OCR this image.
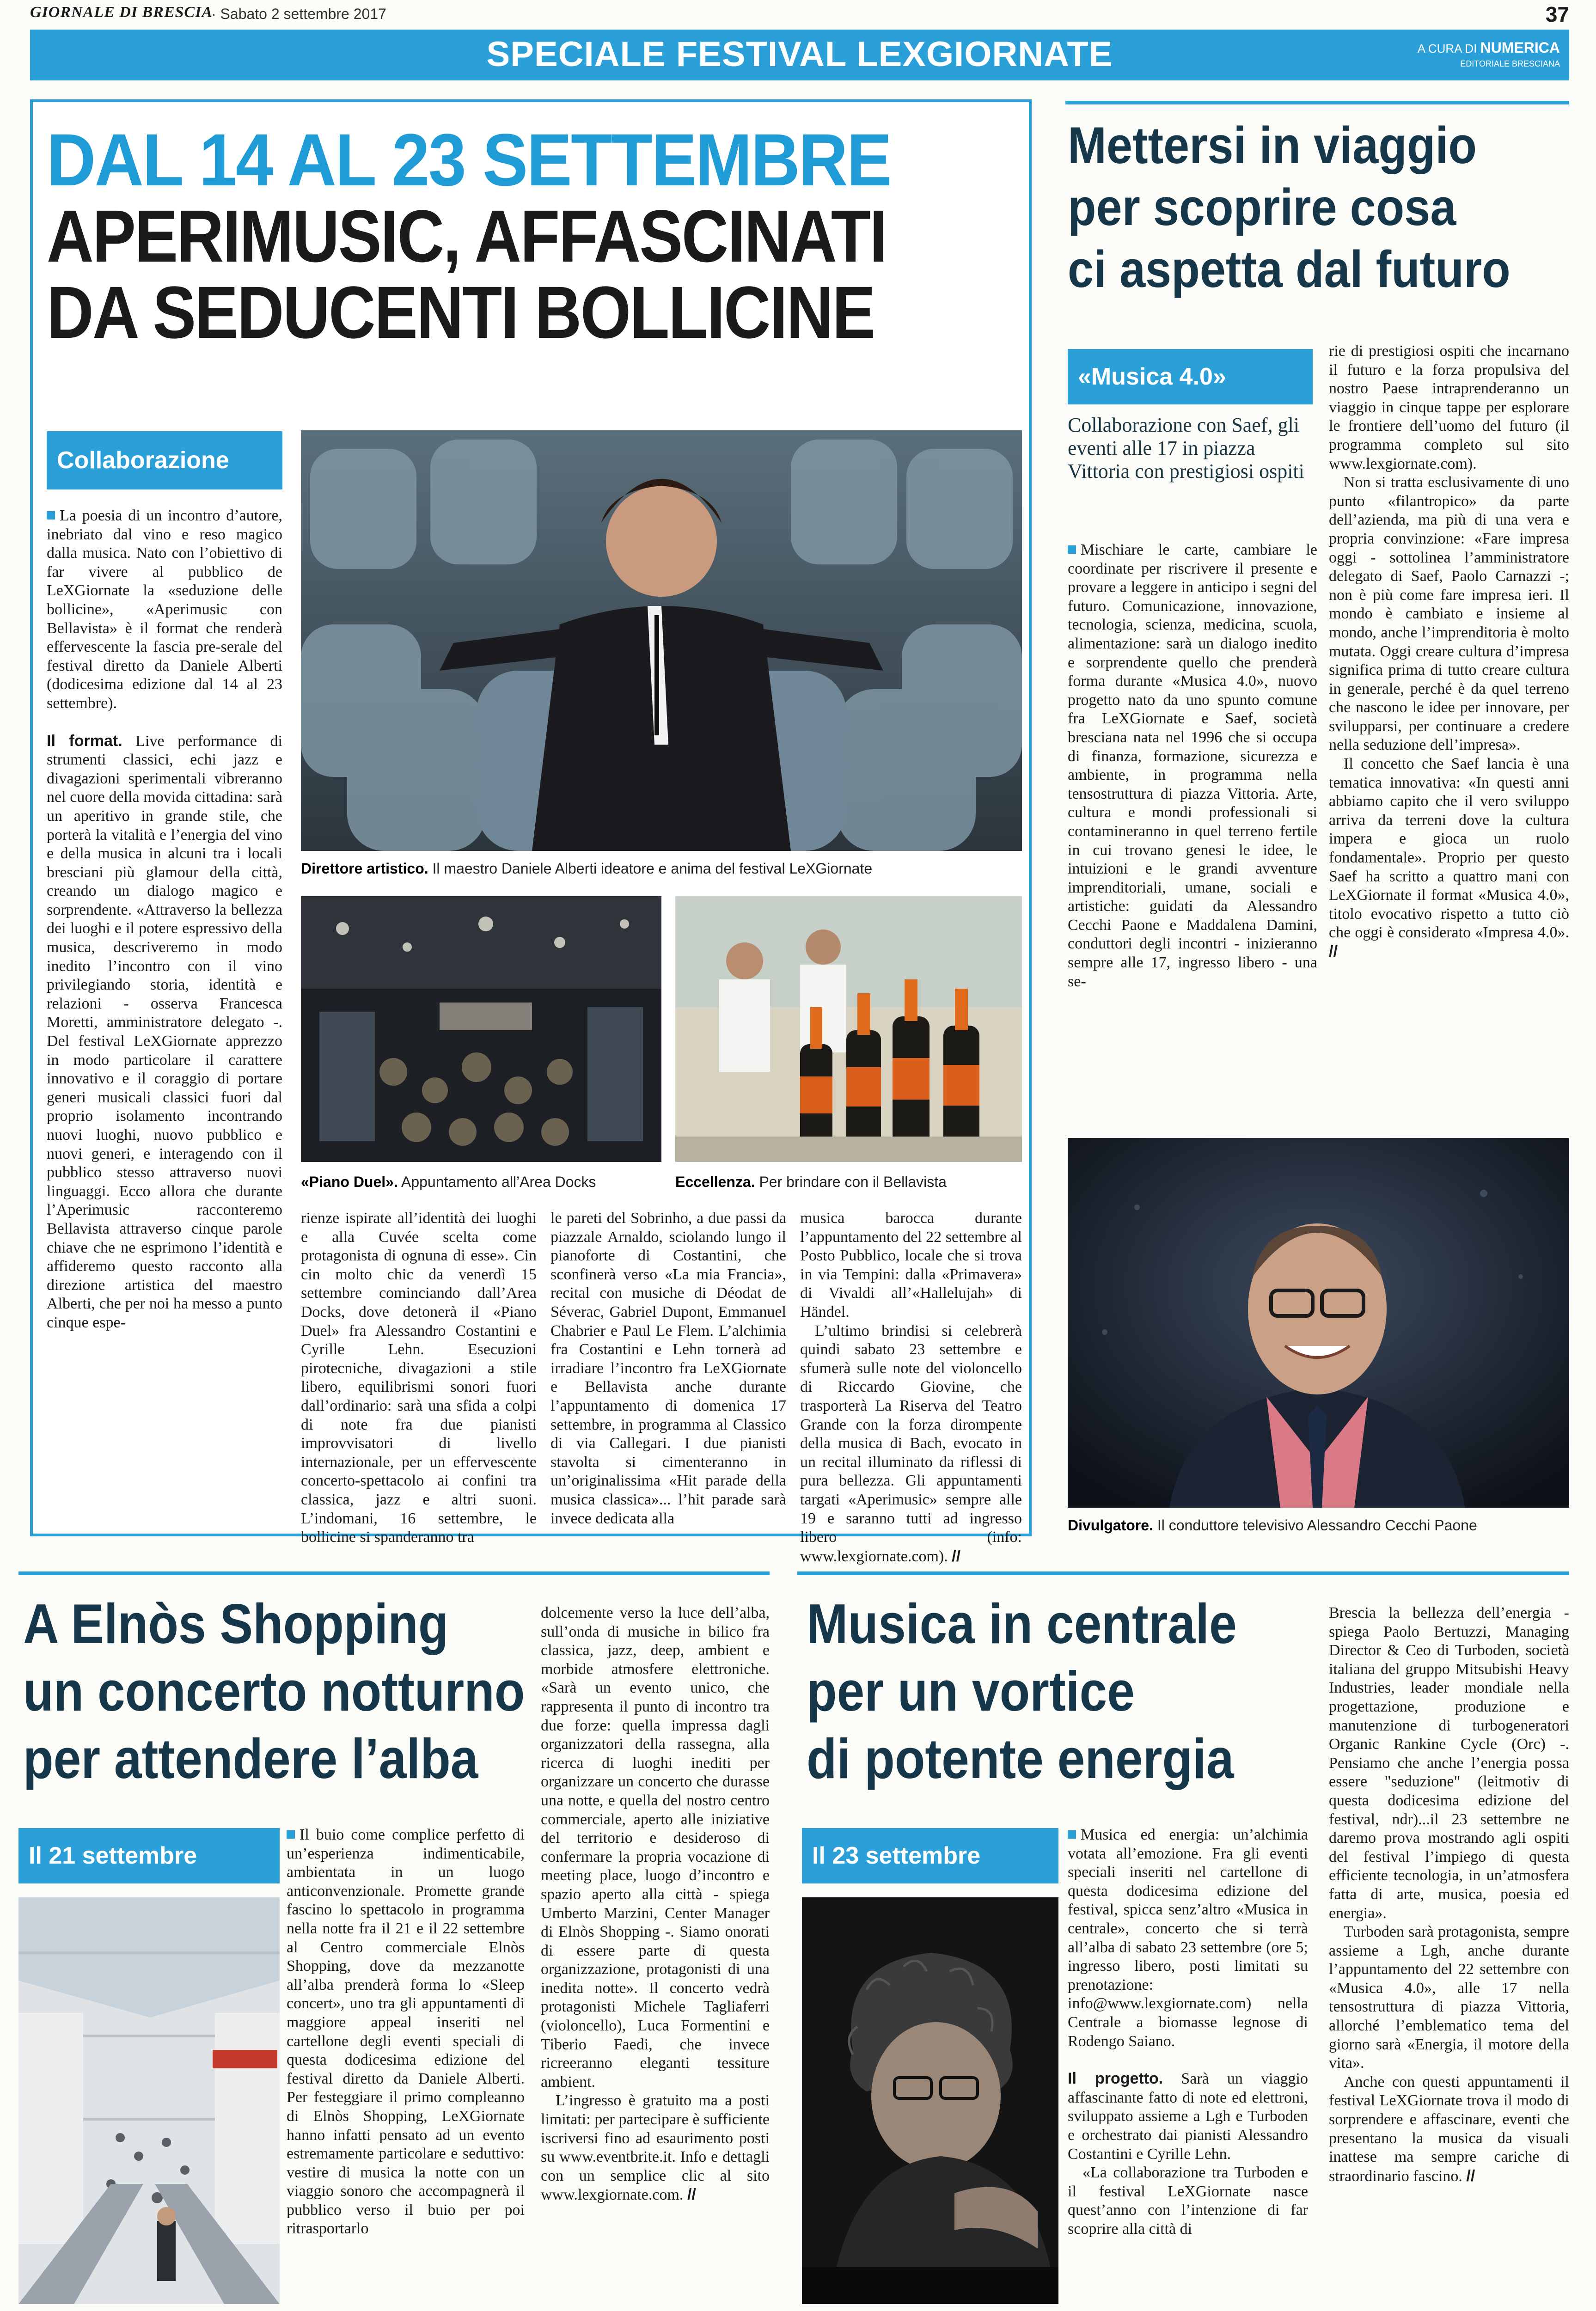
GIORNALE DI BRESCIA
· Sabato 2 settembre 2017	37
SPECIALE FESTIVAL LEXGIORNATE	A CURA DI NUMERICA
EDITORIALE BRESCIANA
DAL 14 AL 23 SETTEMBRE
APERIMUSIC, AFFASCINATI
DA SEDUCENTI BOLLICINE
Collaborazione

La poesia di un incontro d’autore, inebriato dal vino e reso magico dalla musica. Nato con l’obiettivo di far vivere al pubblico de LeXGiornate la «seduzione delle bollicine», «Aperimusic con Bellavista» è il format che renderà effervescente la fascia pre-serale del festival diretto da Daniele Alberti (dodicesima edizione dal 14 al 23 settembre).

Il format. Live performance di strumenti classici, echi jazz e divagazioni sperimentali vibreranno nel cuore della movida cittadina: sarà un aperitivo in grande stile, che porterà la vitalità e l’energia del vino e della musica in alcuni tra i locali bresciani più glamour della città, creando un dialogo magico e sorprendente. «Attraverso la bellezza dei luoghi e il potere espressivo della musica, descriveremo in modo inedito l’incontro con il vino privilegiando storia, identità e relazioni - osserva Francesca Moretti, amministratore delegato -. Del festival LeXGiornate apprezzo in modo particolare il carattere innovativo e il coraggio di portare generi musicali classici fuori dal proprio isolamento incontrando nuovi luoghi, nuovo pubblico e nuovi generi, e interagendo con il pubblico stesso attraverso nuovi linguaggi. Ecco allora che durante l’Aperimusic racconteremo Bellavista attraverso cinque parole chiave che ne esprimono l’identità e affideremo questo racconto alla direzione artistica del maestro Alberti, che per noi ha messo a punto cinque espe-

Direttore artistico. Il maestro Daniele Alberti ideatore e anima del festival LeXGiornate
«Piano Duel». Appuntamento all’Area Docks	Eccellenza. Per brindare con il Bellavista

rienze ispirate all’identità dei luoghi e alla Cuvée scelta come protagonista di ognuna di esse». Cin cin molto chic da venerdì 15 settembre cominciando dall’Area Docks, dove detonerà il «Piano Duel» fra Alessandro Costantini e Cyrille Lehn. Esecuzioni pirotecniche, divagazioni a stile libero, equilibrismi sonori fuori dall’ordinario: sarà una sfida a colpi di note fra due pianisti improvvisatori di livello internazionale, per un effervescente concerto-spettacolo ai confini tra classica, jazz e altri suoni. L’indomani, 16 settembre, le bollicine si spanderanno tra

le pareti del Sobrinho, a due passi da piazzale Arnaldo, sciolando lungo il pianoforte di Costantini, che sconfinerà verso «La mia Francia», recital con musiche di Déodat de Séverac, Gabriel Dupont, Emmanuel Chabrier e Paul Le Flem. L’alchimia fra Costantini e Lehn tornerà ad irradiare l’incontro fra LeXGiornate e Bellavista anche durante l’appuntamento di domenica 17 settembre, in programma al Classico di via Callegari. I due pianisti stavolta si cimenteranno in un’originalissima «Hit parade della musica classica»... l’hit parade sarà invece dedicata alla

musica barocca durante l’appuntamento del 22 settembre al Posto Pubblico, locale che si trova in via Tempini: dalla «Primavera» di Vivaldi all’«Hallelujah» di Händel.

L’ultimo brindisi si celebrerà quindi sabato 23 settembre e sfumerà sulle note del violoncello di Riccardo Giovine, che trasporterà La Riserva del Teatro Grande con la forza dirompente della musica di Bach, evocato in un recital illuminato da riflessi di pura bellezza. Gli appuntamenti targati «Aperimusic» sempre alle 19 e saranno tutti ad ingresso libero (info: www.lexgiornate.com). //

Mettersi in viaggio
per scoprire cosa
ci aspetta dal futuro
«Musica 4.0»
Collaborazione con Saef, gli eventi alle 17 in piazza Vittoria con prestigiosi ospiti

Mischiare le carte, cambiare le coordinate per riscrivere il presente e provare a leggere in anticipo i segni del futuro. Comunicazione, innovazione, tecnologia, scienza, medicina, scuola, alimentazione: sarà un dialogo inedito e sorprendente quello che prenderà forma durante «Musica 4.0», nuovo progetto nato da uno spunto comune fra LeXGiornate e Saef, società bresciana nata nel 1996 che si occupa di finanza, formazione, sicurezza e ambiente, in programma nella tensostruttura di piazza Vittoria. Arte, cultura e mondi professionali si contamineranno in quel terreno fertile in cui trovano genesi le idee, le intuizioni e le grandi avventure imprenditoriali, umane, sociali e artistiche: guidati da Alessandro Cecchi Paone e Maddalena Damini, conduttori degli incontri - inizieranno sempre alle 17, ingresso libero - una se-

rie di prestigiosi ospiti che incarnano il futuro e la forza propulsiva del nostro Paese intraprenderanno un viaggio in cinque tappe per esplorare le frontiere dell’uomo del futuro (il programma completo sul sito www.lexgiornate.com).

Non si tratta esclusivamente di uno punto «filantropico» da parte dell’azienda, ma più di una vera e propria convinzione: «Fare impresa oggi - sottolinea l’amministratore delegato di Saef, Paolo Carnazzi -; non è più come fare impresa ieri. Il mondo è cambiato e insieme al mondo, anche l’imprenditoria è molto mutata. Oggi creare cultura d’impresa significa prima di tutto creare cultura in generale, perché è da quel terreno che nascono le idee per innovare, per svilupparsi, per continuare a credere nella seduzione dell’impresa».

Il concetto che Saef lancia è una tematica innovativa: «In questi anni abbiamo capito che il vero sviluppo arriva da terreni dove la cultura impera e gioca un ruolo fondamentale». Proprio per questo Saef ha scritto a quattro mani con LeXGiornate il format «Musica 4.0», titolo evocativo rispetto a tutto ciò che oggi è considerato «Impresa 4.0». //

Divulgatore. Il conduttore televisivo Alessandro Cecchi Paone
A Elnòs Shopping
un concerto notturno
per attendere l’alba
Il 21 settembre

Il buio come complice perfetto di un’esperienza indimenticabile, ambientata in un luogo anticonvenzionale. Promette grande fascino lo spettacolo in programma nella notte fra il 21 e il 22 settembre al Centro commerciale Elnòs Shopping, dove da mezzanotte all’alba prenderà forma lo «Sleep concert», uno tra gli appuntamenti di maggiore appeal inseriti nel cartellone degli eventi speciali di questa dodicesima edizione del festival diretto da Daniele Alberti. Per festeggiare il primo compleanno di Elnòs Shopping, LeXGiornate hanno infatti pensato ad un evento estremamente particolare e seduttivo: vestire di musica la notte con un viaggio sonoro che accompagnerà il pubblico verso il buio per poi ritrasportarlo

dolcemente verso la luce dell’alba, sull’onda di musiche in bilico fra classica, jazz, deep, ambient e morbide atmosfere elettroniche. «Sarà un evento unico, che rappresenta il punto di incontro tra due forze: quella impressa dagli organizzatori della rassegna, alla ricerca di luoghi inediti per organizzare un concerto che durasse una notte, e quella del nostro centro commerciale, aperto alle iniziative del territorio e desideroso di confermare la propria vocazione di meeting place, luogo d’incontro e spazio aperto alla città - spiega Umberto Marzini, Center Manager di Elnòs Shopping -. Siamo onorati di essere parte di questa organizzazione, protagonisti di una inedita notte». Il concerto vedrà protagonisti Michele Tagliaferri (violoncello), Luca Formentini e Tiberio Faedi, che invece ricreeranno eleganti tessiture ambient.

L’ingresso è gratuito ma a posti limitati: per partecipare è sufficiente iscriversi fino ad esaurimento posti su www.eventbrite.it. Info e dettagli con un semplice clic al sito www.lexgiornate.com. //

Musica in centrale
per un vortice
di potente energia
Il 23 settembre

Musica ed energia: un’alchimia votata all’emozione. Fra gli eventi speciali inseriti nel cartellone di questa dodicesima edizione del festival, spicca senz’altro «Musica in centrale», concerto che si terrà all’alba di sabato 23 settembre (ore 5; ingresso libero, posti limitati su prenotazione: info@www.lexgiornate.com) nella Centrale a biomasse legnose di Rodengo Saiano.

Il progetto. Sarà un viaggio affascinante fatto di note ed elettroni, sviluppato assieme a Lgh e Turboden e orchestrato dai pianisti Alessandro Costantini e Cyrille Lehn.

«La collaborazione tra Turboden e il festival LeXGiornate nasce quest’anno con l’intenzione di far scoprire alla città di

Brescia la bellezza dell’energia - spiega Paolo Bertuzzi, Managing Director & Ceo di Turboden, società italiana del gruppo Mitsubishi Heavy Industries, leader mondiale nella progettazione, produzione e manutenzione di turbogeneratori Organic Rankine Cycle (Orc) -. Pensiamo che anche l’energia possa essere "seduzione" (leitmotiv di questa dodicesima edizione del festival, ndr)...il 23 settembre ne daremo prova mostrando agli ospiti del festival l’impiego di questa efficiente tecnologia, in un’atmosfera fatta di arte, musica, poesia ed energia».

Turboden sarà protagonista, sempre assieme a Lgh, anche durante l’appuntamento del 22 settembre con «Musica 4.0», alle 17 nella tensostruttura di piazza Vittoria, allorché l’emblematico tema del giorno sarà «Energia, il motore della vita».

Anche con questi appuntamenti il festival LeXGiornate trova il modo di sorprendere e affascinare, eventi che presentano la musica da visuali inattese ma sempre cariche di straordinario fascino. //
